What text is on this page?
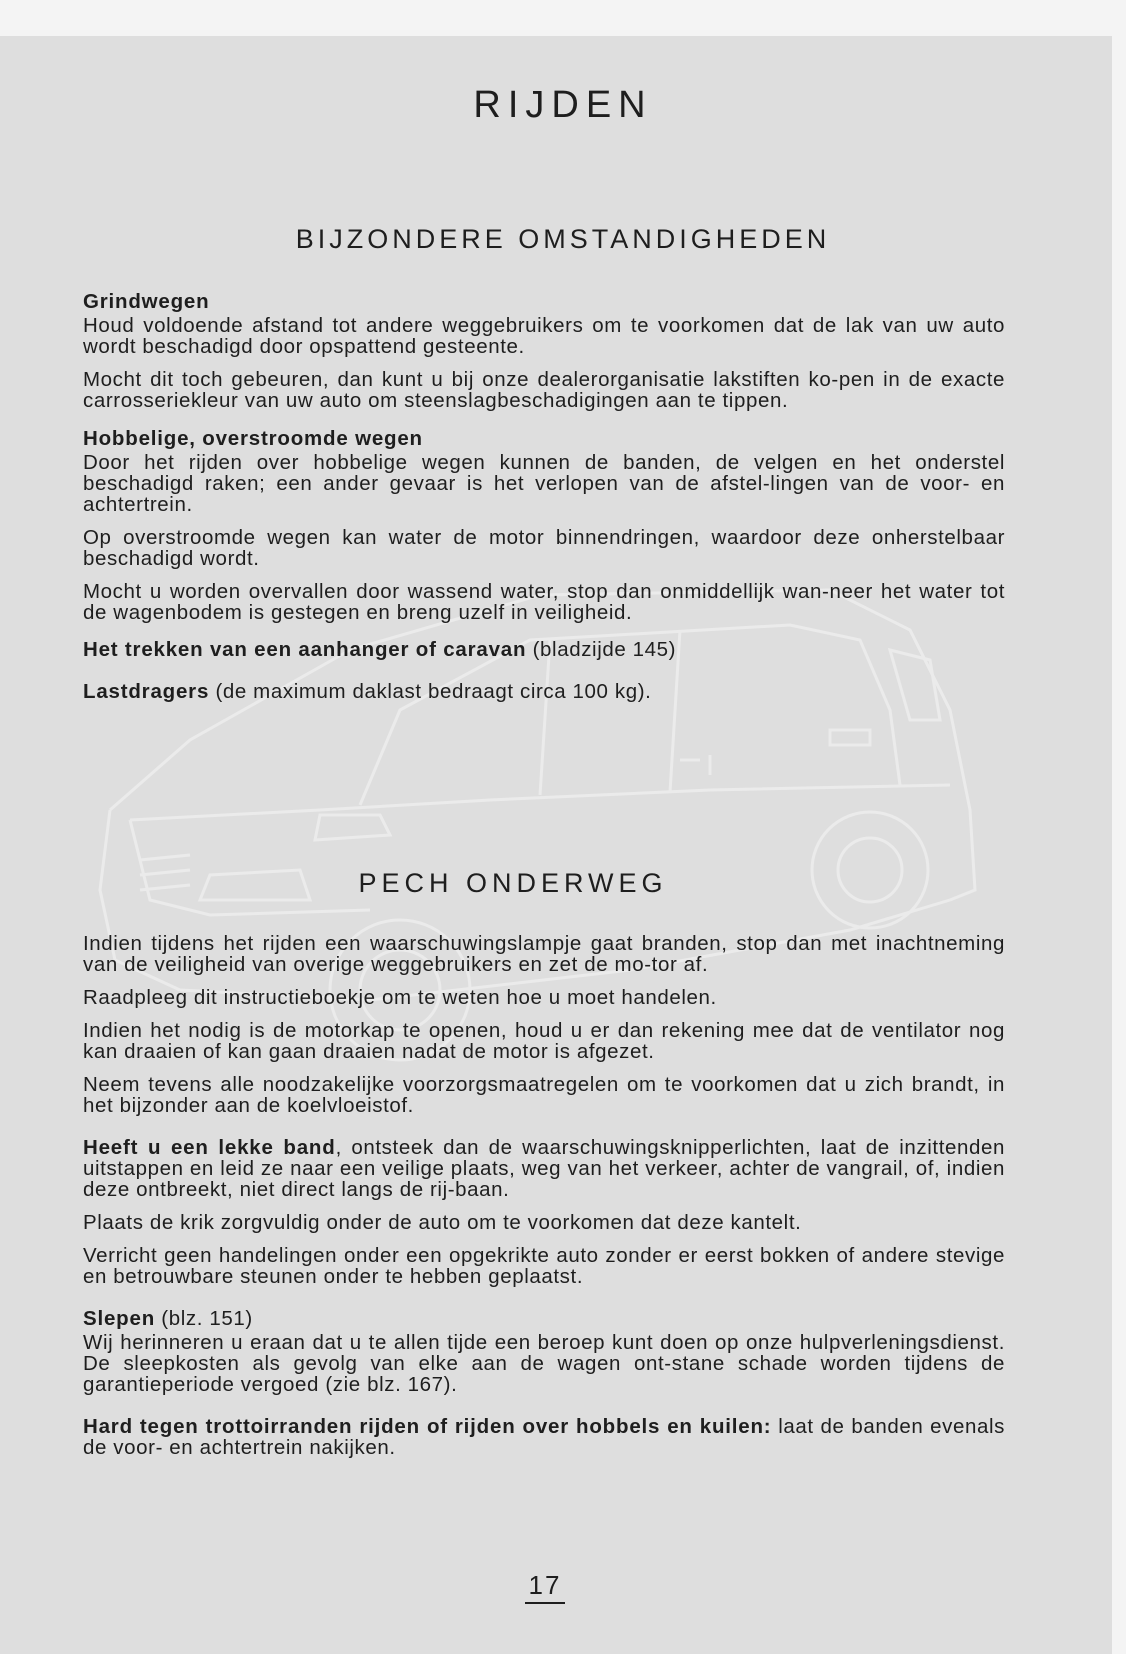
RIJDEN
BIJZONDERE OMSTANDIGHEDEN
Grindwegen

Houd voldoende afstand tot andere weggebruikers om te voorkomen dat de lak van uw auto wordt beschadigd door opspattend gesteente.

Mocht dit toch gebeuren, dan kunt u bij onze dealerorganisatie lakstiften ko-pen in de exacte carrosseriekleur van uw auto om steenslagbeschadigingen aan te tippen.

Hobbelige, overstroomde wegen

Door het rijden over hobbelige wegen kunnen de banden, de velgen en het onderstel beschadigd raken; een ander gevaar is het verlopen van de afstel-lingen van de voor- en achtertrein.

Op overstroomde wegen kan water de motor binnendringen, waardoor deze onherstelbaar beschadigd wordt.

Mocht u worden overvallen door wassend water, stop dan onmiddellijk wan-neer het water tot de wagenbodem is gestegen en breng uzelf in veiligheid.

Het trekken van een aanhanger of caravan (bladzijde 145)

Lastdragers (de maximum daklast bedraagt circa 100 kg).

PECH ONDERWEG

Indien tijdens het rijden een waarschuwingslampje gaat branden, stop dan met inachtneming van de veiligheid van overige weggebruikers en zet de mo-tor af.

Raadpleeg dit instructieboekje om te weten hoe u moet handelen.

Indien het nodig is de motorkap te openen, houd u er dan rekening mee dat de ventilator nog kan draaien of kan gaan draaien nadat de motor is afgezet.

Neem tevens alle noodzakelijke voorzorgsmaatregelen om te voorkomen dat u zich brandt, in het bijzonder aan de koelvloeistof.

Heeft u een lekke band, ontsteek dan de waarschuwingsknipperlichten, laat de inzittenden uitstappen en leid ze naar een veilige plaats, weg van het verkeer, achter de vangrail, of, indien deze ontbreekt, niet direct langs de rij-baan.

Plaats de krik zorgvuldig onder de auto om te voorkomen dat deze kantelt.

Verricht geen handelingen onder een opgekrikte auto zonder er eerst bokken of andere stevige en betrouwbare steunen onder te hebben geplaatst.

Slepen (blz. 151)

Wij herinneren u eraan dat u te allen tijde een beroep kunt doen op onze hulpverleningsdienst. De sleepkosten als gevolg van elke aan de wagen ont-stane schade worden tijdens de garantieperiode vergoed (zie blz. 167).

Hard tegen trottoirranden rijden of rijden over hobbels en kuilen: laat de banden evenals de voor- en achtertrein nakijken.

17
